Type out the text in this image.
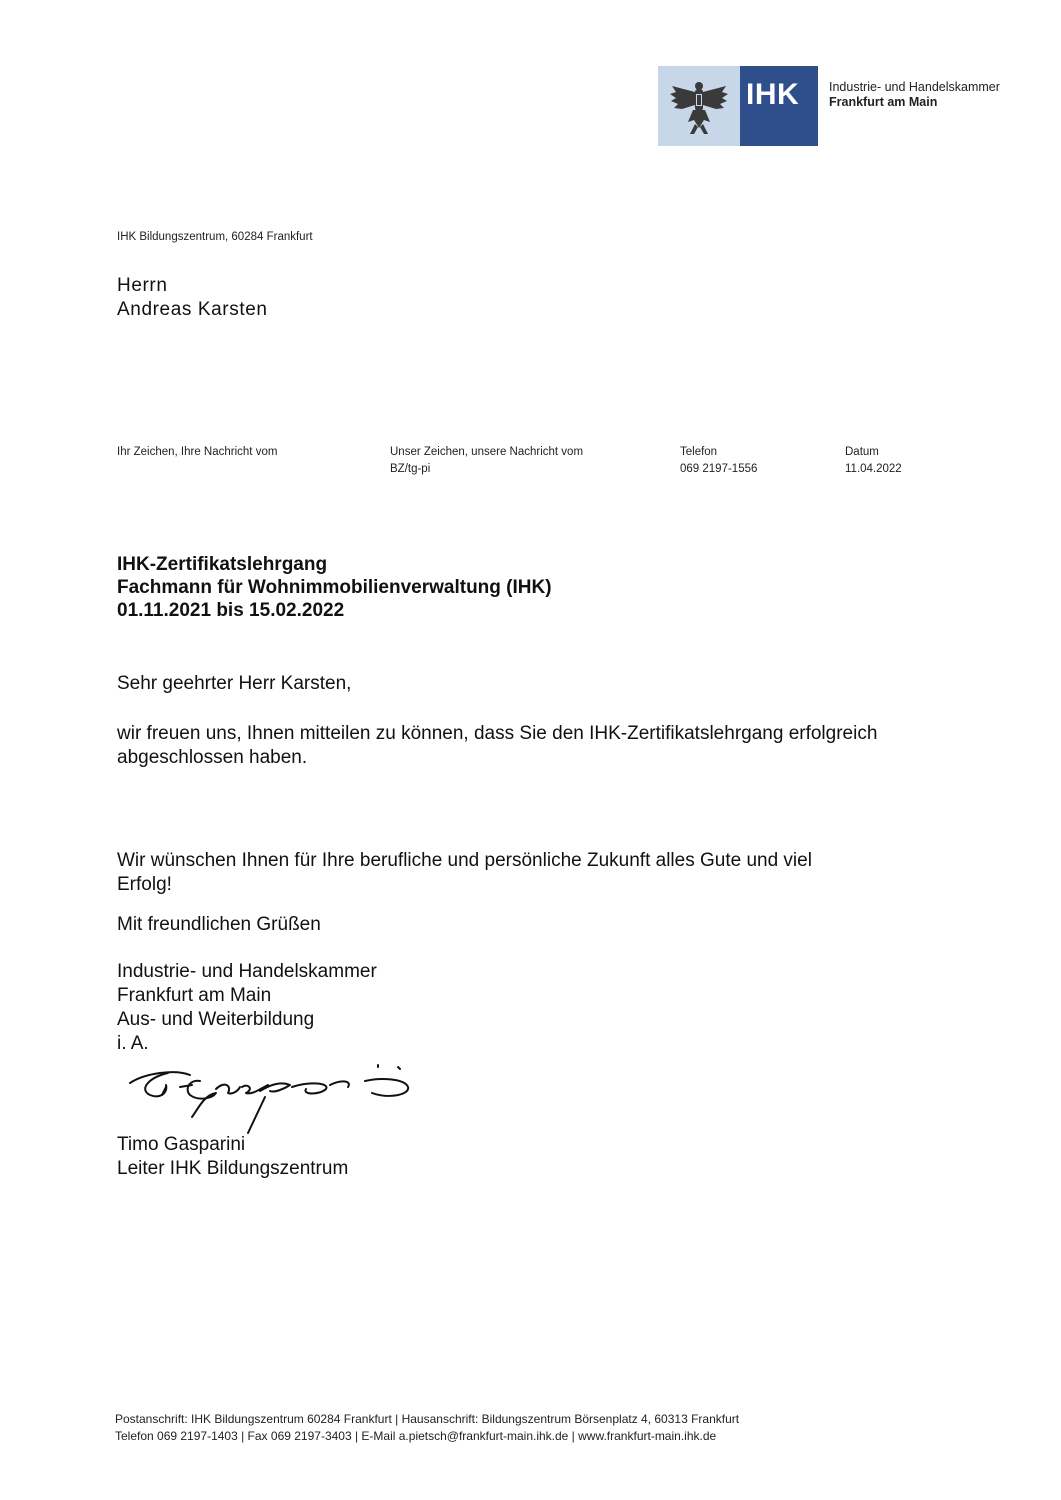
IHK Industrie- und Handelskammer
Frankfurt am Main
IHK Bildungszentrum, 60284 Frankfurt
Herrn
Andreas Karsten
Ihr Zeichen, Ihre Nachricht vom	Unser Zeichen, unsere Nachricht vom
BZ/tg-pi
Telefon
069 2197-1556
Datum
11.04.2022
IHK-Zertifikatslehrgang
Fachmann für Wohnimmobilienverwaltung (IHK)
01.11.2021 bis 15.02.2022
Sehr geehrter Herr Karsten,
wir freuen uns, Ihnen mitteilen zu können, dass Sie den IHK-Zertifikatslehrgang erfolgreich
abgeschlossen haben.
Wir wünschen Ihnen für Ihre berufliche und persönliche Zukunft alles Gute und viel
Erfolg!
Mit freundlichen Grüßen
Industrie- und Handelskammer
Frankfurt am Main
Aus- und Weiterbildung
i. A.
Timo Gasparini
Leiter IHK Bildungszentrum
Postanschrift: IHK Bildungszentrum 60284 Frankfurt | Hausanschrift: Bildungszentrum Börsenplatz 4, 60313 Frankfurt
Telefon 069 2197-1403 | Fax 069 2197-3403 | E-Mail a.pietsch@frankfurt-main.ihk.de | www.frankfurt-main.ihk.de
